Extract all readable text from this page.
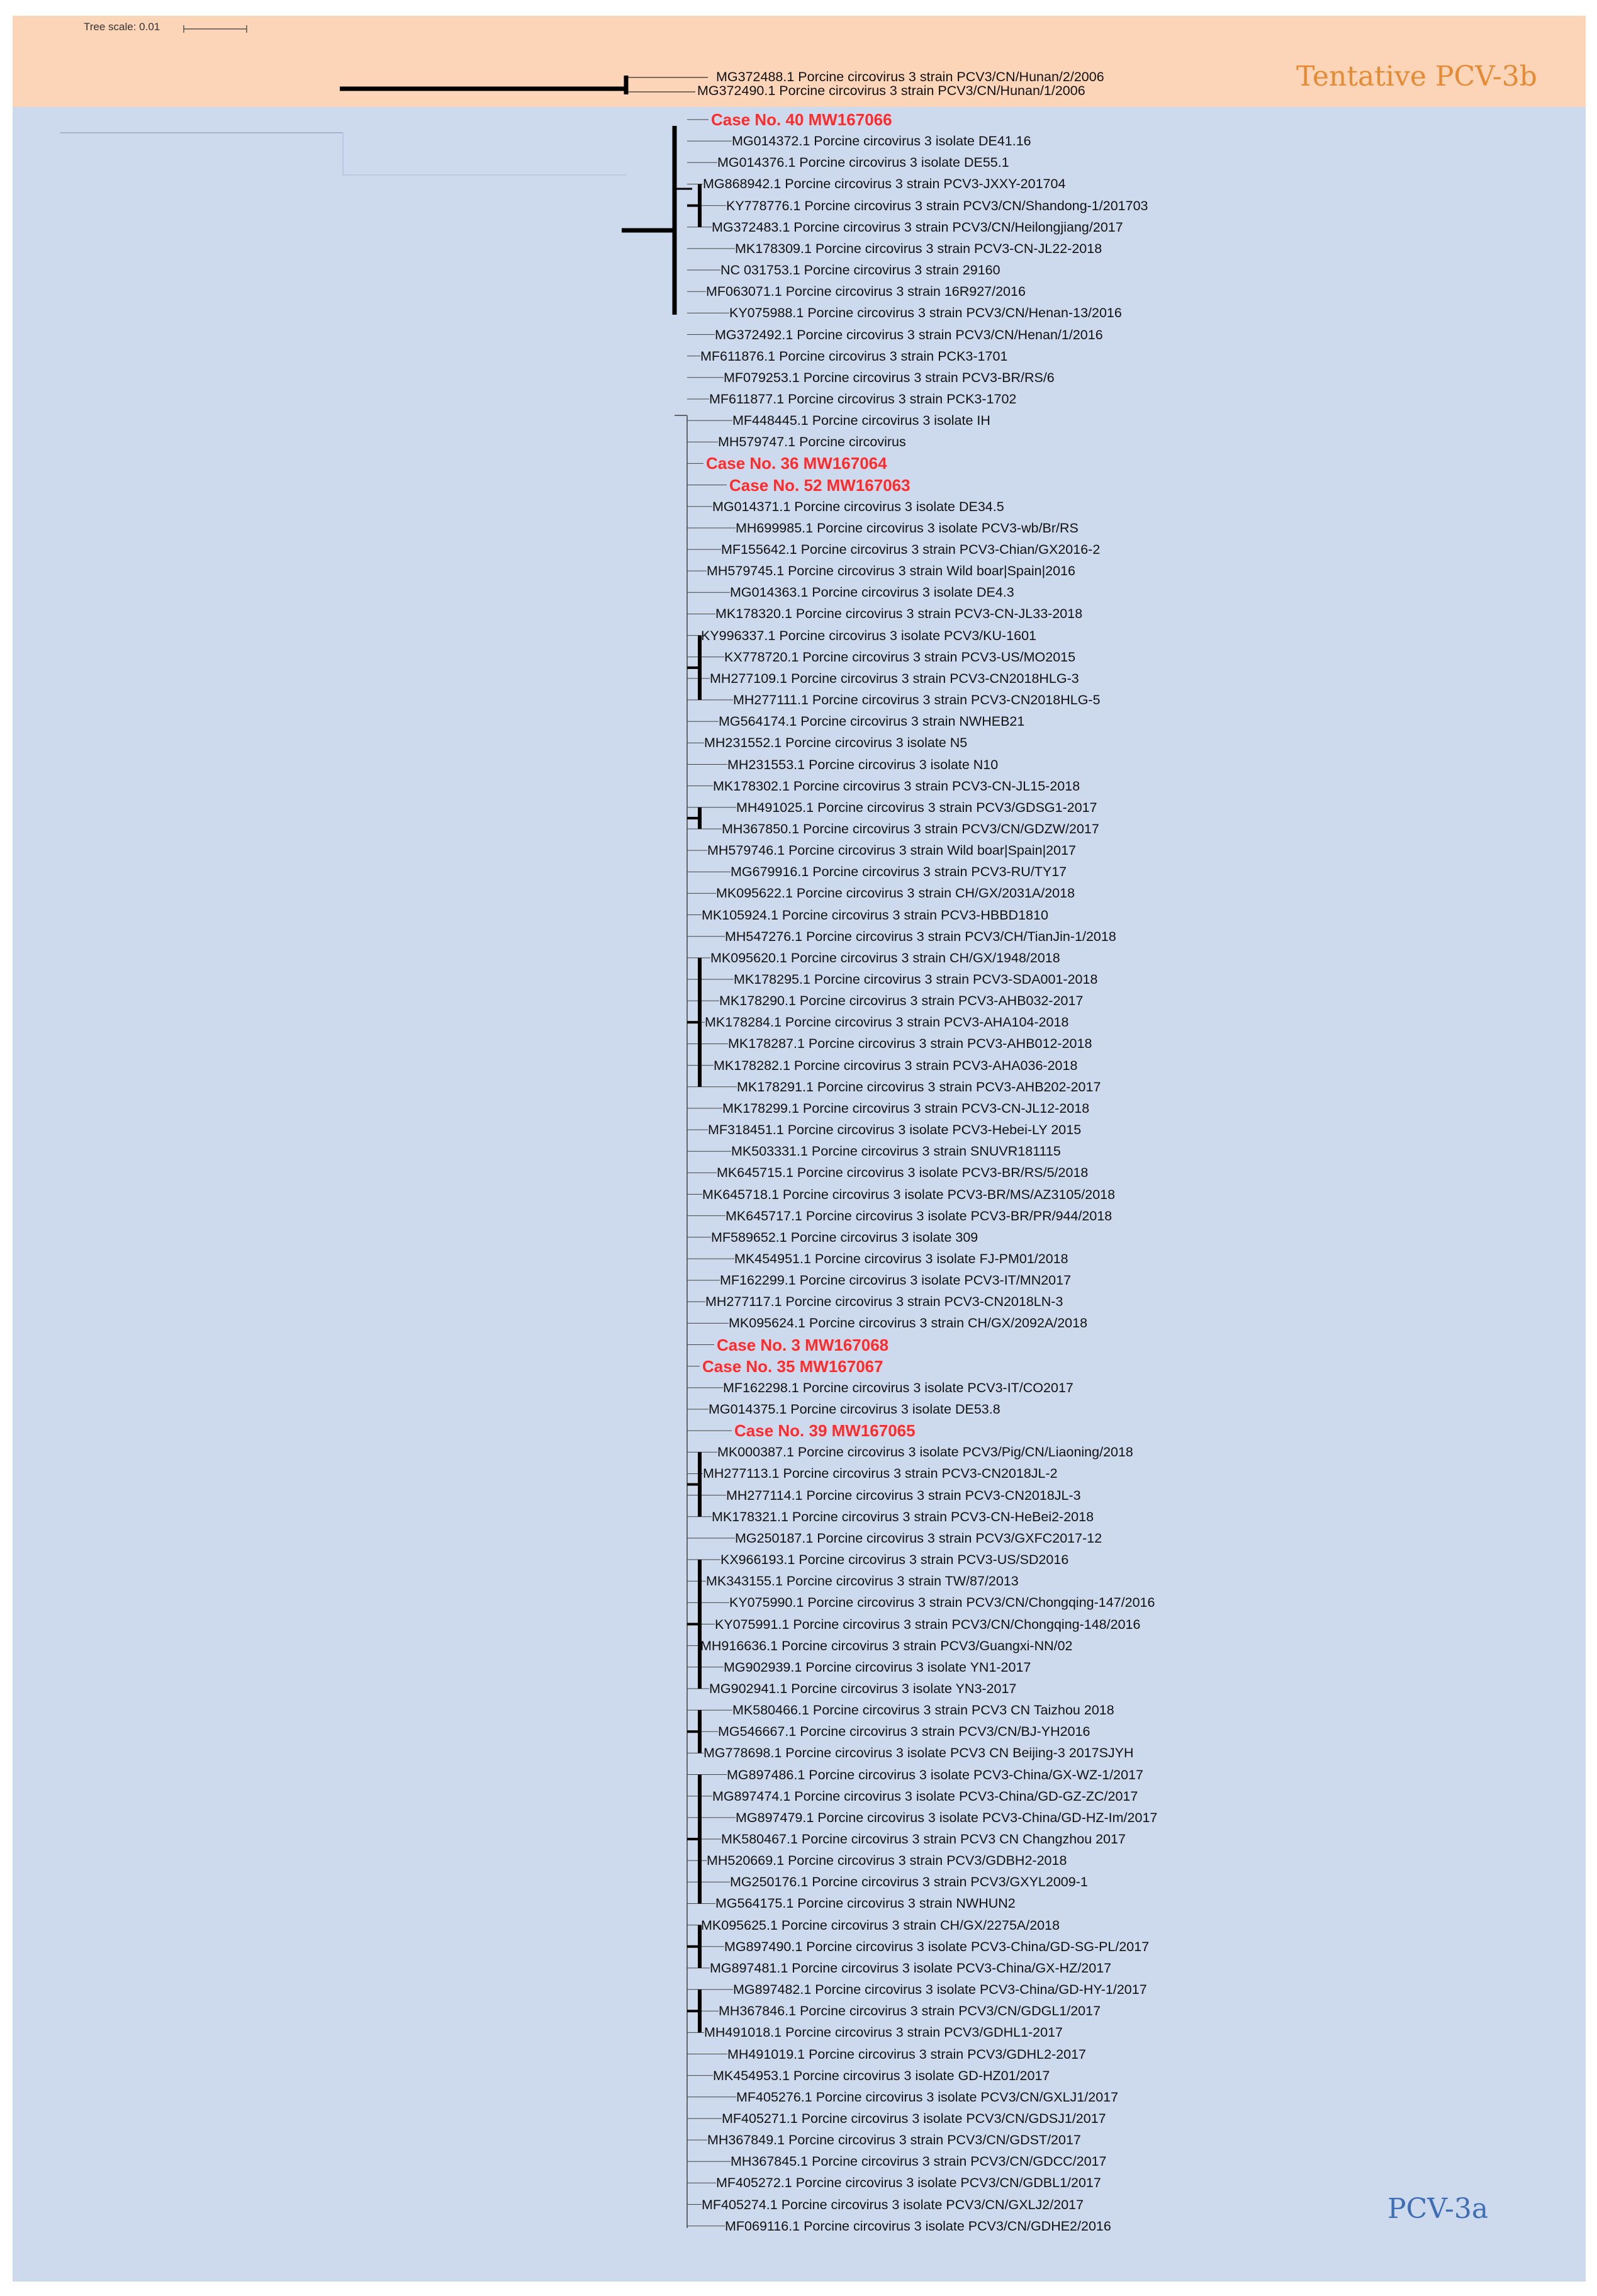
Tree scale: 0.01
MG372488.1 Porcine circovirus 3 strain PCV3/CN/Hunan/2/2006
MG372490.1 Porcine circovirus 3 strain PCV3/CN/Hunan/1/2006
Case No. 40 MW167066
MG014372.1 Porcine circovirus 3 isolate DE41.16
MG014376.1 Porcine circovirus 3 isolate DE55.1
MG868942.1 Porcine circovirus 3 strain PCV3-JXXY-201704
KY778776.1 Porcine circovirus 3 strain PCV3/CN/Shandong-1/201703
MG372483.1 Porcine circovirus 3 strain PCV3/CN/Heilongjiang/2017
MK178309.1 Porcine circovirus 3 strain PCV3-CN-JL22-2018
NC 031753.1 Porcine circovirus 3 strain 29160
MF063071.1 Porcine circovirus 3 strain 16R927/2016
KY075988.1 Porcine circovirus 3 strain PCV3/CN/Henan-13/2016
MG372492.1 Porcine circovirus 3 strain PCV3/CN/Henan/1/2016
MF611876.1 Porcine circovirus 3 strain PCK3-1701
MF079253.1 Porcine circovirus 3 strain PCV3-BR/RS/6
MF611877.1 Porcine circovirus 3 strain PCK3-1702
MF448445.1 Porcine circovirus 3 isolate IH
MH579747.1 Porcine circovirus
Case No. 36 MW167064
Case No. 52 MW167063
MG014371.1 Porcine circovirus 3 isolate DE34.5
MH699985.1 Porcine circovirus 3 isolate PCV3-wb/Br/RS
MF155642.1 Porcine circovirus 3 strain PCV3-Chian/GX2016-2
MH579745.1 Porcine circovirus 3 strain Wild boar|Spain|2016
MG014363.1 Porcine circovirus 3 isolate DE4.3
MK178320.1 Porcine circovirus 3 strain PCV3-CN-JL33-2018
KY996337.1 Porcine circovirus 3 isolate PCV3/KU-1601
KX778720.1 Porcine circovirus 3 strain PCV3-US/MO2015
MH277109.1 Porcine circovirus 3 strain PCV3-CN2018HLG-3
MH277111.1 Porcine circovirus 3 strain PCV3-CN2018HLG-5
MG564174.1 Porcine circovirus 3 strain NWHEB21
MH231552.1 Porcine circovirus 3 isolate N5
MH231553.1 Porcine circovirus 3 isolate N10
MK178302.1 Porcine circovirus 3 strain PCV3-CN-JL15-2018
MH491025.1 Porcine circovirus 3 strain PCV3/GDSG1-2017
MH367850.1 Porcine circovirus 3 strain PCV3/CN/GDZW/2017
MH579746.1 Porcine circovirus 3 strain Wild boar|Spain|2017
MG679916.1 Porcine circovirus 3 strain PCV3-RU/TY17
MK095622.1 Porcine circovirus 3 strain CH/GX/2031A/2018
MK105924.1 Porcine circovirus 3 strain PCV3-HBBD1810
MH547276.1 Porcine circovirus 3 strain PCV3/CH/TianJin-1/2018
MK095620.1 Porcine circovirus 3 strain CH/GX/1948/2018
MK178295.1 Porcine circovirus 3 strain PCV3-SDA001-2018
MK178290.1 Porcine circovirus 3 strain PCV3-AHB032-2017
MK178284.1 Porcine circovirus 3 strain PCV3-AHA104-2018
MK178287.1 Porcine circovirus 3 strain PCV3-AHB012-2018
MK178282.1 Porcine circovirus 3 strain PCV3-AHA036-2018
MK178291.1 Porcine circovirus 3 strain PCV3-AHB202-2017
MK178299.1 Porcine circovirus 3 strain PCV3-CN-JL12-2018
MF318451.1 Porcine circovirus 3 isolate PCV3-Hebei-LY 2015
MK503331.1 Porcine circovirus 3 strain SNUVR181115
MK645715.1 Porcine circovirus 3 isolate PCV3-BR/RS/5/2018
MK645718.1 Porcine circovirus 3 isolate PCV3-BR/MS/AZ3105/2018
MK645717.1 Porcine circovirus 3 isolate PCV3-BR/PR/944/2018
MF589652.1 Porcine circovirus 3 isolate 309
MK454951.1 Porcine circovirus 3 isolate FJ-PM01/2018
MF162299.1 Porcine circovirus 3 isolate PCV3-IT/MN2017
MH277117.1 Porcine circovirus 3 strain PCV3-CN2018LN-3
MK095624.1 Porcine circovirus 3 strain CH/GX/2092A/2018
Case No. 3 MW167068
Case No. 35 MW167067
MF162298.1 Porcine circovirus 3 isolate PCV3-IT/CO2017
MG014375.1 Porcine circovirus 3 isolate DE53.8
Case No. 39 MW167065
MK000387.1 Porcine circovirus 3 isolate PCV3/Pig/CN/Liaoning/2018
MH277113.1 Porcine circovirus 3 strain PCV3-CN2018JL-2
MH277114.1 Porcine circovirus 3 strain PCV3-CN2018JL-3
MK178321.1 Porcine circovirus 3 strain PCV3-CN-HeBei2-2018
MG250187.1 Porcine circovirus 3 strain PCV3/GXFC2017-12
KX966193.1 Porcine circovirus 3 strain PCV3-US/SD2016
MK343155.1 Porcine circovirus 3 strain TW/87/2013
KY075990.1 Porcine circovirus 3 strain PCV3/CN/Chongqing-147/2016
KY075991.1 Porcine circovirus 3 strain PCV3/CN/Chongqing-148/2016
MH916636.1 Porcine circovirus 3 strain PCV3/Guangxi-NN/02
MG902939.1 Porcine circovirus 3 isolate YN1-2017
MG902941.1 Porcine circovirus 3 isolate YN3-2017
MK580466.1 Porcine circovirus 3 strain PCV3 CN Taizhou 2018
MG546667.1 Porcine circovirus 3 strain PCV3/CN/BJ-YH2016
MG778698.1 Porcine circovirus 3 isolate PCV3 CN Beijing-3 2017SJYH
MG897486.1 Porcine circovirus 3 isolate PCV3-China/GX-WZ-1/2017
MG897474.1 Porcine circovirus 3 isolate PCV3-China/GD-GZ-ZC/2017
MG897479.1 Porcine circovirus 3 isolate PCV3-China/GD-HZ-Im/2017
MK580467.1 Porcine circovirus 3 strain PCV3 CN Changzhou 2017
MH520669.1 Porcine circovirus 3 strain PCV3/GDBH2-2018
MG250176.1 Porcine circovirus 3 strain PCV3/GXYL2009-1
MG564175.1 Porcine circovirus 3 strain NWHUN2
MK095625.1 Porcine circovirus 3 strain CH/GX/2275A/2018
MG897490.1 Porcine circovirus 3 isolate PCV3-China/GD-SG-PL/2017
MG897481.1 Porcine circovirus 3 isolate PCV3-China/GX-HZ/2017
MG897482.1 Porcine circovirus 3 isolate PCV3-China/GD-HY-1/2017
MH367846.1 Porcine circovirus 3 strain PCV3/CN/GDGL1/2017
MH491018.1 Porcine circovirus 3 strain PCV3/GDHL1-2017
MH491019.1 Porcine circovirus 3 strain PCV3/GDHL2-2017
MK454953.1 Porcine circovirus 3 isolate GD-HZ01/2017
MF405276.1 Porcine circovirus 3 isolate PCV3/CN/GXLJ1/2017
MF405271.1 Porcine circovirus 3 isolate PCV3/CN/GDSJ1/2017
MH367849.1 Porcine circovirus 3 strain PCV3/CN/GDST/2017
MH367845.1 Porcine circovirus 3 strain PCV3/CN/GDCC/2017
MF405272.1 Porcine circovirus 3 isolate PCV3/CN/GDBL1/2017
MF405274.1 Porcine circovirus 3 isolate PCV3/CN/GXLJ2/2017
MF069116.1 Porcine circovirus 3 isolate PCV3/CN/GDHE2/2016
Tentative PCV-3b
PCV-3a
